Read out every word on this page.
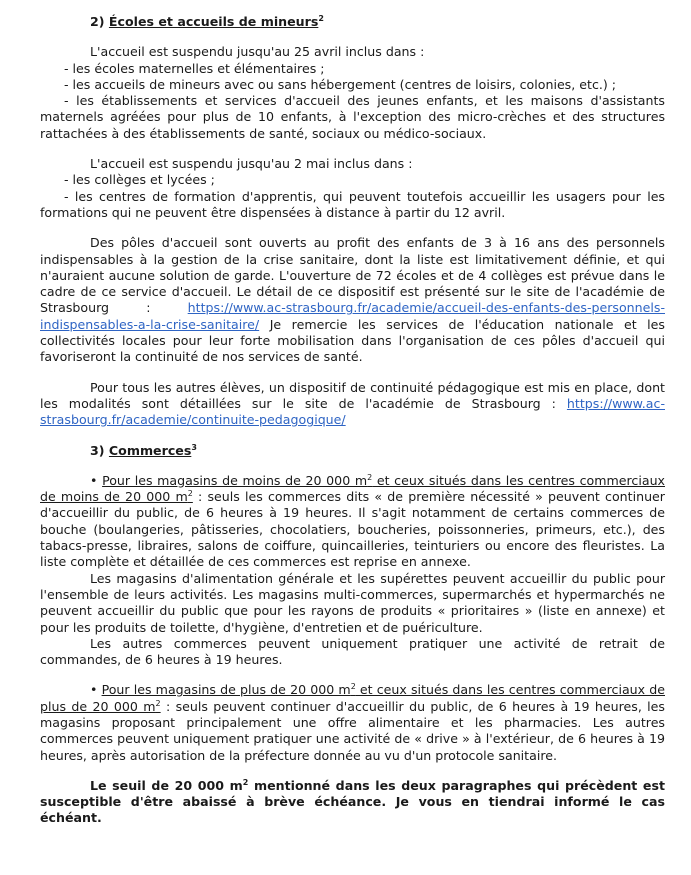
2) Écoles et accueils de mineurs$^2$

L'accueil est suspendu jusqu'au 25 avril inclus dans :

- les écoles maternelles et élémentaires ;

- les accueils de mineurs avec ou sans hébergement (centres de loisirs, colonies, etc.) ;

- les établissements et services d'accueil des jeunes enfants, et les maisons d'assistants maternels agréées pour plus de 10 enfants, à l'exception des micro-crèches et des structures rattachées à des établissements de santé, sociaux ou médico-sociaux.

L'accueil est suspendu jusqu'au 2 mai inclus dans :

- les collèges et lycées ;

- les centres de formation d'apprentis, qui peuvent toutefois accueillir les usagers pour les formations qui ne peuvent être dispensées à distance à partir du 12 avril.

Des pôles d'accueil sont ouverts au profit des enfants de 3 à 16 ans des personnels indispensables à la gestion de la crise sanitaire, dont la liste est limitativement définie, et qui n'auraient aucune solution de garde. L'ouverture de 72 écoles et de 4 collèges est prévue dans le cadre de ce service d'accueil. Le détail de ce dispositif est présenté sur le site de l'académie de Strasbourg : https://www.ac-strasbourg.fr/academie/accueil-des-enfants-des-personnels-indispensables-a-la-crise-sanitaire/ Je remercie les services de l'éducation nationale et les collectivités locales pour leur forte mobilisation dans l'organisation de ces pôles d'accueil qui favoriseront la continuité de nos services de santé.

Pour tous les autres élèves, un dispositif de continuité pédagogique est mis en place, dont les modalités sont détaillées sur le site de l'académie de Strasbourg : https://www.ac-strasbourg.fr/academie/continuite-pedagogique/

3) Commerces$^3$

• Pour les magasins de moins de 20 000 $m^2$ et ceux situés dans les centres commerciaux de moins de 20 000 $m^2$ : seuls les commerces dits « de première nécessité » peuvent continuer d'accueillir du public, de 6 heures à 19 heures. Il s'agit notamment de certains commerces de bouche (boulangeries, pâtisseries, chocolatiers, boucheries, poissonneries, primeurs, etc.), des tabacs-presse, libraires, salons de coiffure, quincailleries, teinturiers ou encore des fleuristes. La liste complète et détaillée de ces commerces est reprise en annexe.

Les magasins d'alimentation générale et les supérettes peuvent accueillir du public pour l'ensemble de leurs activités. Les magasins multi-commerces, supermarchés et hypermarchés ne peuvent accueillir du public que pour les rayons de produits « prioritaires » (liste en annexe) et pour les produits de toilette, d'hygiène, d'entretien et de puériculture.

Les autres commerces peuvent uniquement pratiquer une activité de retrait de commandes, de 6 heures à 19 heures.

• Pour les magasins de plus de 20 000 $m^2$ et ceux situés dans les centres commerciaux de plus de 20 000 $m^2$ : seuls peuvent continuer d'accueillir du public, de 6 heures à 19 heures, les magasins proposant principalement une offre alimentaire et les pharmacies. Les autres commerces peuvent uniquement pratiquer une activité de « drive » à l'extérieur, de 6 heures à 19 heures, après autorisation de la préfecture donnée au vu d'un protocole sanitaire.

Le seuil de 20 000 $m^2$ mentionné dans les deux paragraphes qui précèdent est susceptible d'être abaissé à brève échéance. Je vous en tiendrai informé le cas échéant.
